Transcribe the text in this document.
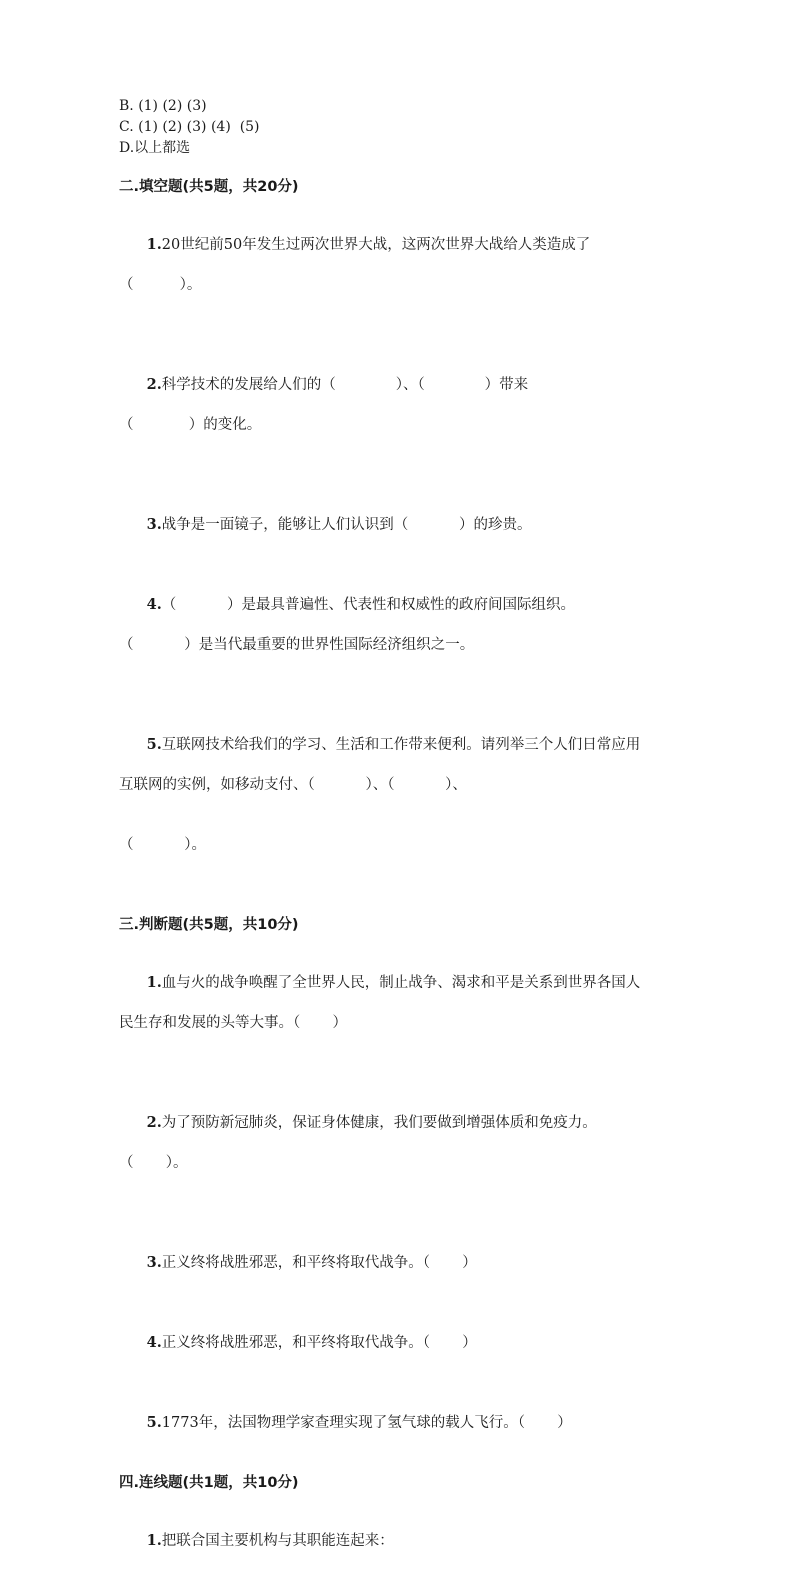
B. (1) (2) (3)
C. (1) (2) (3) (4)  (5)
D.以上都选
二.填空题(共5题，共20分)

1.20世纪前50年发生过两次世界大战，这两次世界大战给人类造成了

（          ）。

2.科学技术的发展给人们的（             ）、（             ）带来

（            ）的变化。

3.战争是一面镜子，能够让人们认识到（           ）的珍贵。

4.（           ）是最具普遍性、代表性和权威性的政府间国际组织。

（           ）是当代最重要的世界性国际经济组织之一。

5.互联网技术给我们的学习、生活和工作带来便利。请列举三个人们日常应用

互联网的实例，如移动支付、（           ）、（           ）、

（           ）。

三.判断题(共5题，共10分)

1.血与火的战争唤醒了全世界人民，制止战争、渴求和平是关系到世界各国人

民生存和发展的头等大事。（       ）

2.为了预防新冠肺炎，保证身体健康，我们要做到增强体质和免疫力。

（       ）。

3.正义终将战胜邪恶，和平终将取代战争。（       ）

4.正义终将战胜邪恶，和平终将取代战争。（       ）

5.1773年，法国物理学家查理实现了氢气球的载人飞行。（       ）

四.连线题(共1题，共10分)

1.把联合国主要机构与其职能连起来：
